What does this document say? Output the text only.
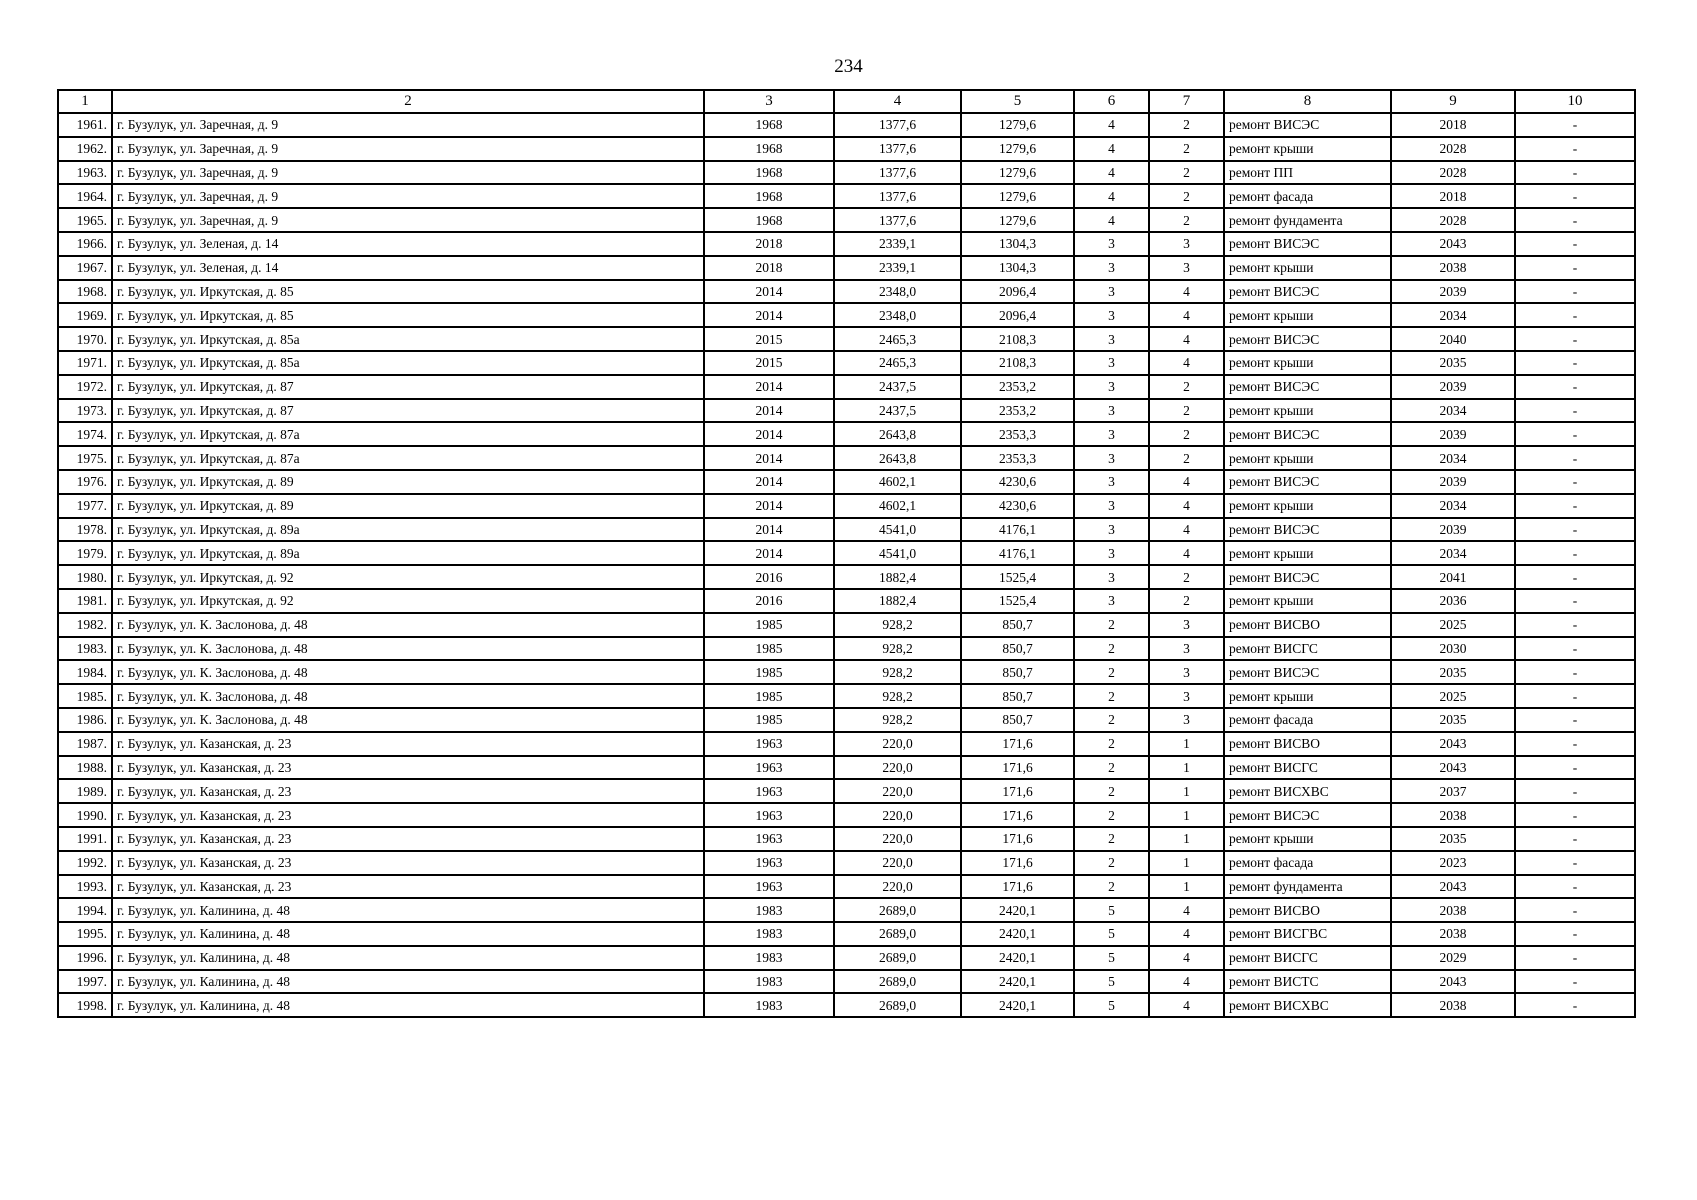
234
1	2	3	4	5	6	7	8	9	10
1961.	г. Бузулук, ул. Заречная, д. 9	1968	1377,6	1279,6	4	2	ремонт ВИСЭС	2018	-
1962.	г. Бузулук, ул. Заречная, д. 9	1968	1377,6	1279,6	4	2	ремонт крыши	2028	-
1963.	г. Бузулук, ул. Заречная, д. 9	1968	1377,6	1279,6	4	2	ремонт ПП	2028	-
1964.	г. Бузулук, ул. Заречная, д. 9	1968	1377,6	1279,6	4	2	ремонт фасада	2018	-
1965.	г. Бузулук, ул. Заречная, д. 9	1968	1377,6	1279,6	4	2	ремонт фундамента	2028	-
1966.	г. Бузулук, ул. Зеленая, д. 14	2018	2339,1	1304,3	3	3	ремонт ВИСЭС	2043	-
1967.	г. Бузулук, ул. Зеленая, д. 14	2018	2339,1	1304,3	3	3	ремонт крыши	2038	-
1968.	г. Бузулук, ул. Иркутская, д. 85	2014	2348,0	2096,4	3	4	ремонт ВИСЭС	2039	-
1969.	г. Бузулук, ул. Иркутская, д. 85	2014	2348,0	2096,4	3	4	ремонт крыши	2034	-
1970.	г. Бузулук, ул. Иркутская, д. 85а	2015	2465,3	2108,3	3	4	ремонт ВИСЭС	2040	-
1971.	г. Бузулук, ул. Иркутская, д. 85а	2015	2465,3	2108,3	3	4	ремонт крыши	2035	-
1972.	г. Бузулук, ул. Иркутская, д. 87	2014	2437,5	2353,2	3	2	ремонт ВИСЭС	2039	-
1973.	г. Бузулук, ул. Иркутская, д. 87	2014	2437,5	2353,2	3	2	ремонт крыши	2034	-
1974.	г. Бузулук, ул. Иркутская, д. 87а	2014	2643,8	2353,3	3	2	ремонт ВИСЭС	2039	-
1975.	г. Бузулук, ул. Иркутская, д. 87а	2014	2643,8	2353,3	3	2	ремонт крыши	2034	-
1976.	г. Бузулук, ул. Иркутская, д. 89	2014	4602,1	4230,6	3	4	ремонт ВИСЭС	2039	-
1977.	г. Бузулук, ул. Иркутская, д. 89	2014	4602,1	4230,6	3	4	ремонт крыши	2034	-
1978.	г. Бузулук, ул. Иркутская, д. 89а	2014	4541,0	4176,1	3	4	ремонт ВИСЭС	2039	-
1979.	г. Бузулук, ул. Иркутская, д. 89а	2014	4541,0	4176,1	3	4	ремонт крыши	2034	-
1980.	г. Бузулук, ул. Иркутская, д. 92	2016	1882,4	1525,4	3	2	ремонт ВИСЭС	2041	-
1981.	г. Бузулук, ул. Иркутская, д. 92	2016	1882,4	1525,4	3	2	ремонт крыши	2036	-
1982.	г. Бузулук, ул. К. Заслонова, д. 48	1985	928,2	850,7	2	3	ремонт ВИСВО	2025	-
1983.	г. Бузулук, ул. К. Заслонова, д. 48	1985	928,2	850,7	2	3	ремонт ВИСГС	2030	-
1984.	г. Бузулук, ул. К. Заслонова, д. 48	1985	928,2	850,7	2	3	ремонт ВИСЭС	2035	-
1985.	г. Бузулук, ул. К. Заслонова, д. 48	1985	928,2	850,7	2	3	ремонт крыши	2025	-
1986.	г. Бузулук, ул. К. Заслонова, д. 48	1985	928,2	850,7	2	3	ремонт фасада	2035	-
1987.	г. Бузулук, ул. Казанская, д. 23	1963	220,0	171,6	2	1	ремонт ВИСВО	2043	-
1988.	г. Бузулук, ул. Казанская, д. 23	1963	220,0	171,6	2	1	ремонт ВИСГС	2043	-
1989.	г. Бузулук, ул. Казанская, д. 23	1963	220,0	171,6	2	1	ремонт ВИСХВС	2037	-
1990.	г. Бузулук, ул. Казанская, д. 23	1963	220,0	171,6	2	1	ремонт ВИСЭС	2038	-
1991.	г. Бузулук, ул. Казанская, д. 23	1963	220,0	171,6	2	1	ремонт крыши	2035	-
1992.	г. Бузулук, ул. Казанская, д. 23	1963	220,0	171,6	2	1	ремонт фасада	2023	-
1993.	г. Бузулук, ул. Казанская, д. 23	1963	220,0	171,6	2	1	ремонт фундамента	2043	-
1994.	г. Бузулук, ул. Калинина, д. 48	1983	2689,0	2420,1	5	4	ремонт ВИСВО	2038	-
1995.	г. Бузулук, ул. Калинина, д. 48	1983	2689,0	2420,1	5	4	ремонт ВИСГВС	2038	-
1996.	г. Бузулук, ул. Калинина, д. 48	1983	2689,0	2420,1	5	4	ремонт ВИСГС	2029	-
1997.	г. Бузулук, ул. Калинина, д. 48	1983	2689,0	2420,1	5	4	ремонт ВИСТС	2043	-
1998.	г. Бузулук, ул. Калинина, д. 48	1983	2689,0	2420,1	5	4	ремонт ВИСХВС	2038	-
